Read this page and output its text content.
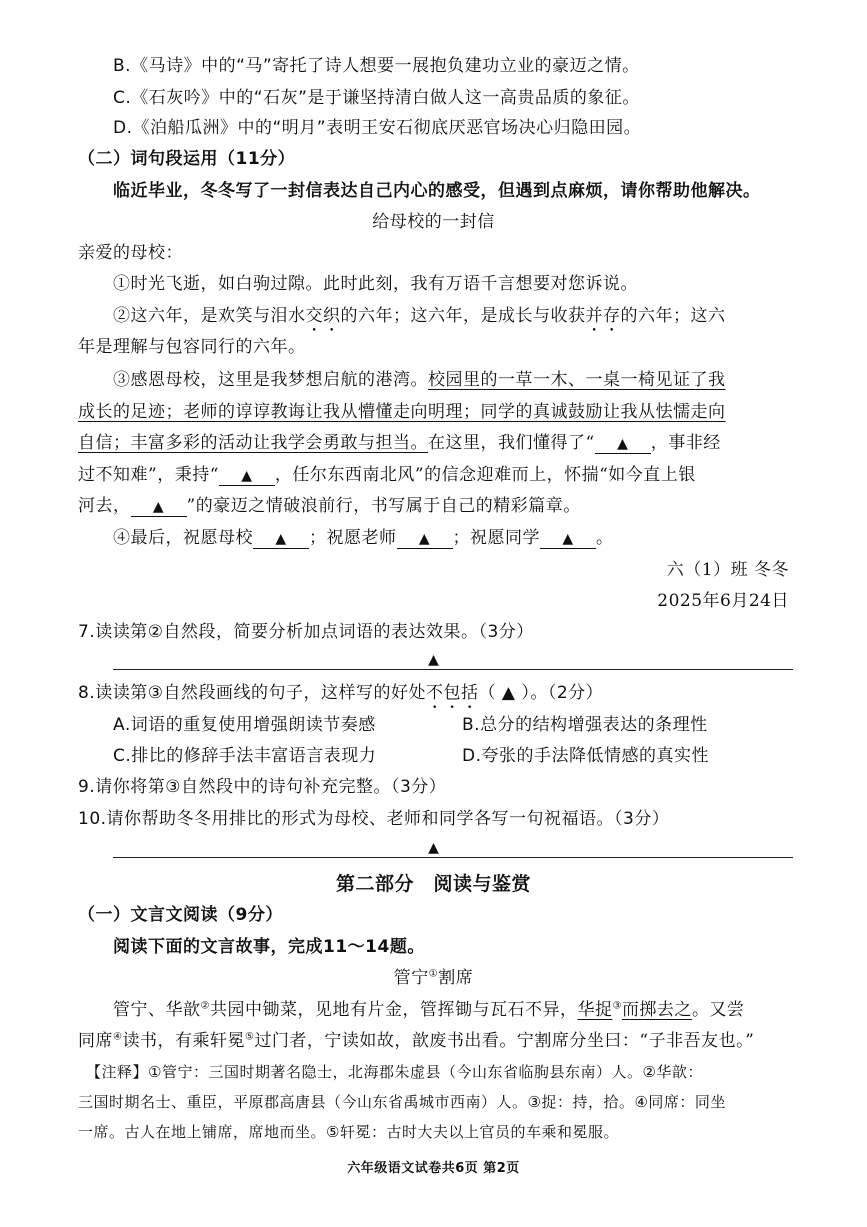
B.《马诗》中的“马”寄托了诗人想要一展抱负建功立业的豪迈之情。
C.《石灰吟》中的“石灰”是于谦坚持清白做人这一高贵品质的象征。
D.《泊船瓜洲》中的“明月”表明王安石彻底厌恶官场决心归隐田园。
（二）词句段运用（11分）
临近毕业，冬冬写了一封信表达自己内心的感受，但遇到点麻烦，请你帮助他解决。
给母校的一封信
亲爱的母校：
①时光飞逝，如白驹过隙。此时此刻，我有万语千言想要对您诉说。
②这六年，是欢笑与泪水交织的六年；这六年，是成长与收获并存的六年；这六
年是理解与包容同行的六年。
③感恩母校，这里是我梦想启航的港湾。校园里的一草一木、一桌一椅见证了我
成长的足迹；老师的谆谆教诲让我从懵懂走向明理；同学的真诚鼓励让我从怯懦走向
自信；丰富多彩的活动让我学会勇敢与担当。在这里，我们懂得了“ ▲ ，事非经
过不知难”，秉持“ ▲ ，任尔东西南北风”的信念迎难而上，怀揣“如今直上银
河去， ▲ ”的豪迈之情破浪前行，书写属于自己的精彩篇章。
④最后，祝愿母校 ▲ ；祝愿老师 ▲ ；祝愿同学 ▲ 。
六（1）班 冬冬
2025年6月24日
7.读读第②自然段，简要分析加点词语的表达效果。（3分）
▲
8.读读第③自然段画线的句子，这样写的好处不包括（ ▲ ）。（2分）
A.词语的重复使用增强朗读节奏感	B.总分的结构增强表达的条理性
C.排比的修辞手法丰富语言表现力	D.夸张的手法降低情感的真实性
9.请你将第③自然段中的诗句补充完整。（3分）
10.请你帮助冬冬用排比的形式为母校、老师和同学各写一句祝福语。（3分）
▲
第二部分　阅读与鉴赏
（一）文言文阅读（9分）
阅读下面的文言故事，完成11～14题。
管宁①割席
管宁、华歆②共园中锄菜，见地有片金，管挥锄与瓦石不异，华捉③而掷去之。又尝
同席④读书，有乘轩冕⑤过门者，宁读如故，歆废书出看。宁割席分坐曰：“子非吾友也。”
【注释】①管宁：三国时期著名隐士，北海郡朱虚县（今山东省临朐县东南）人。②华歆：
三国时期名士、重臣，平原郡高唐县（今山东省禹城市西南）人。③捉：持，拾。④同席：同坐
一席。古人在地上铺席，席地而坐。⑤轩冕：古时大夫以上官员的车乘和冕服。
六年级语文试卷共6页 第2页
